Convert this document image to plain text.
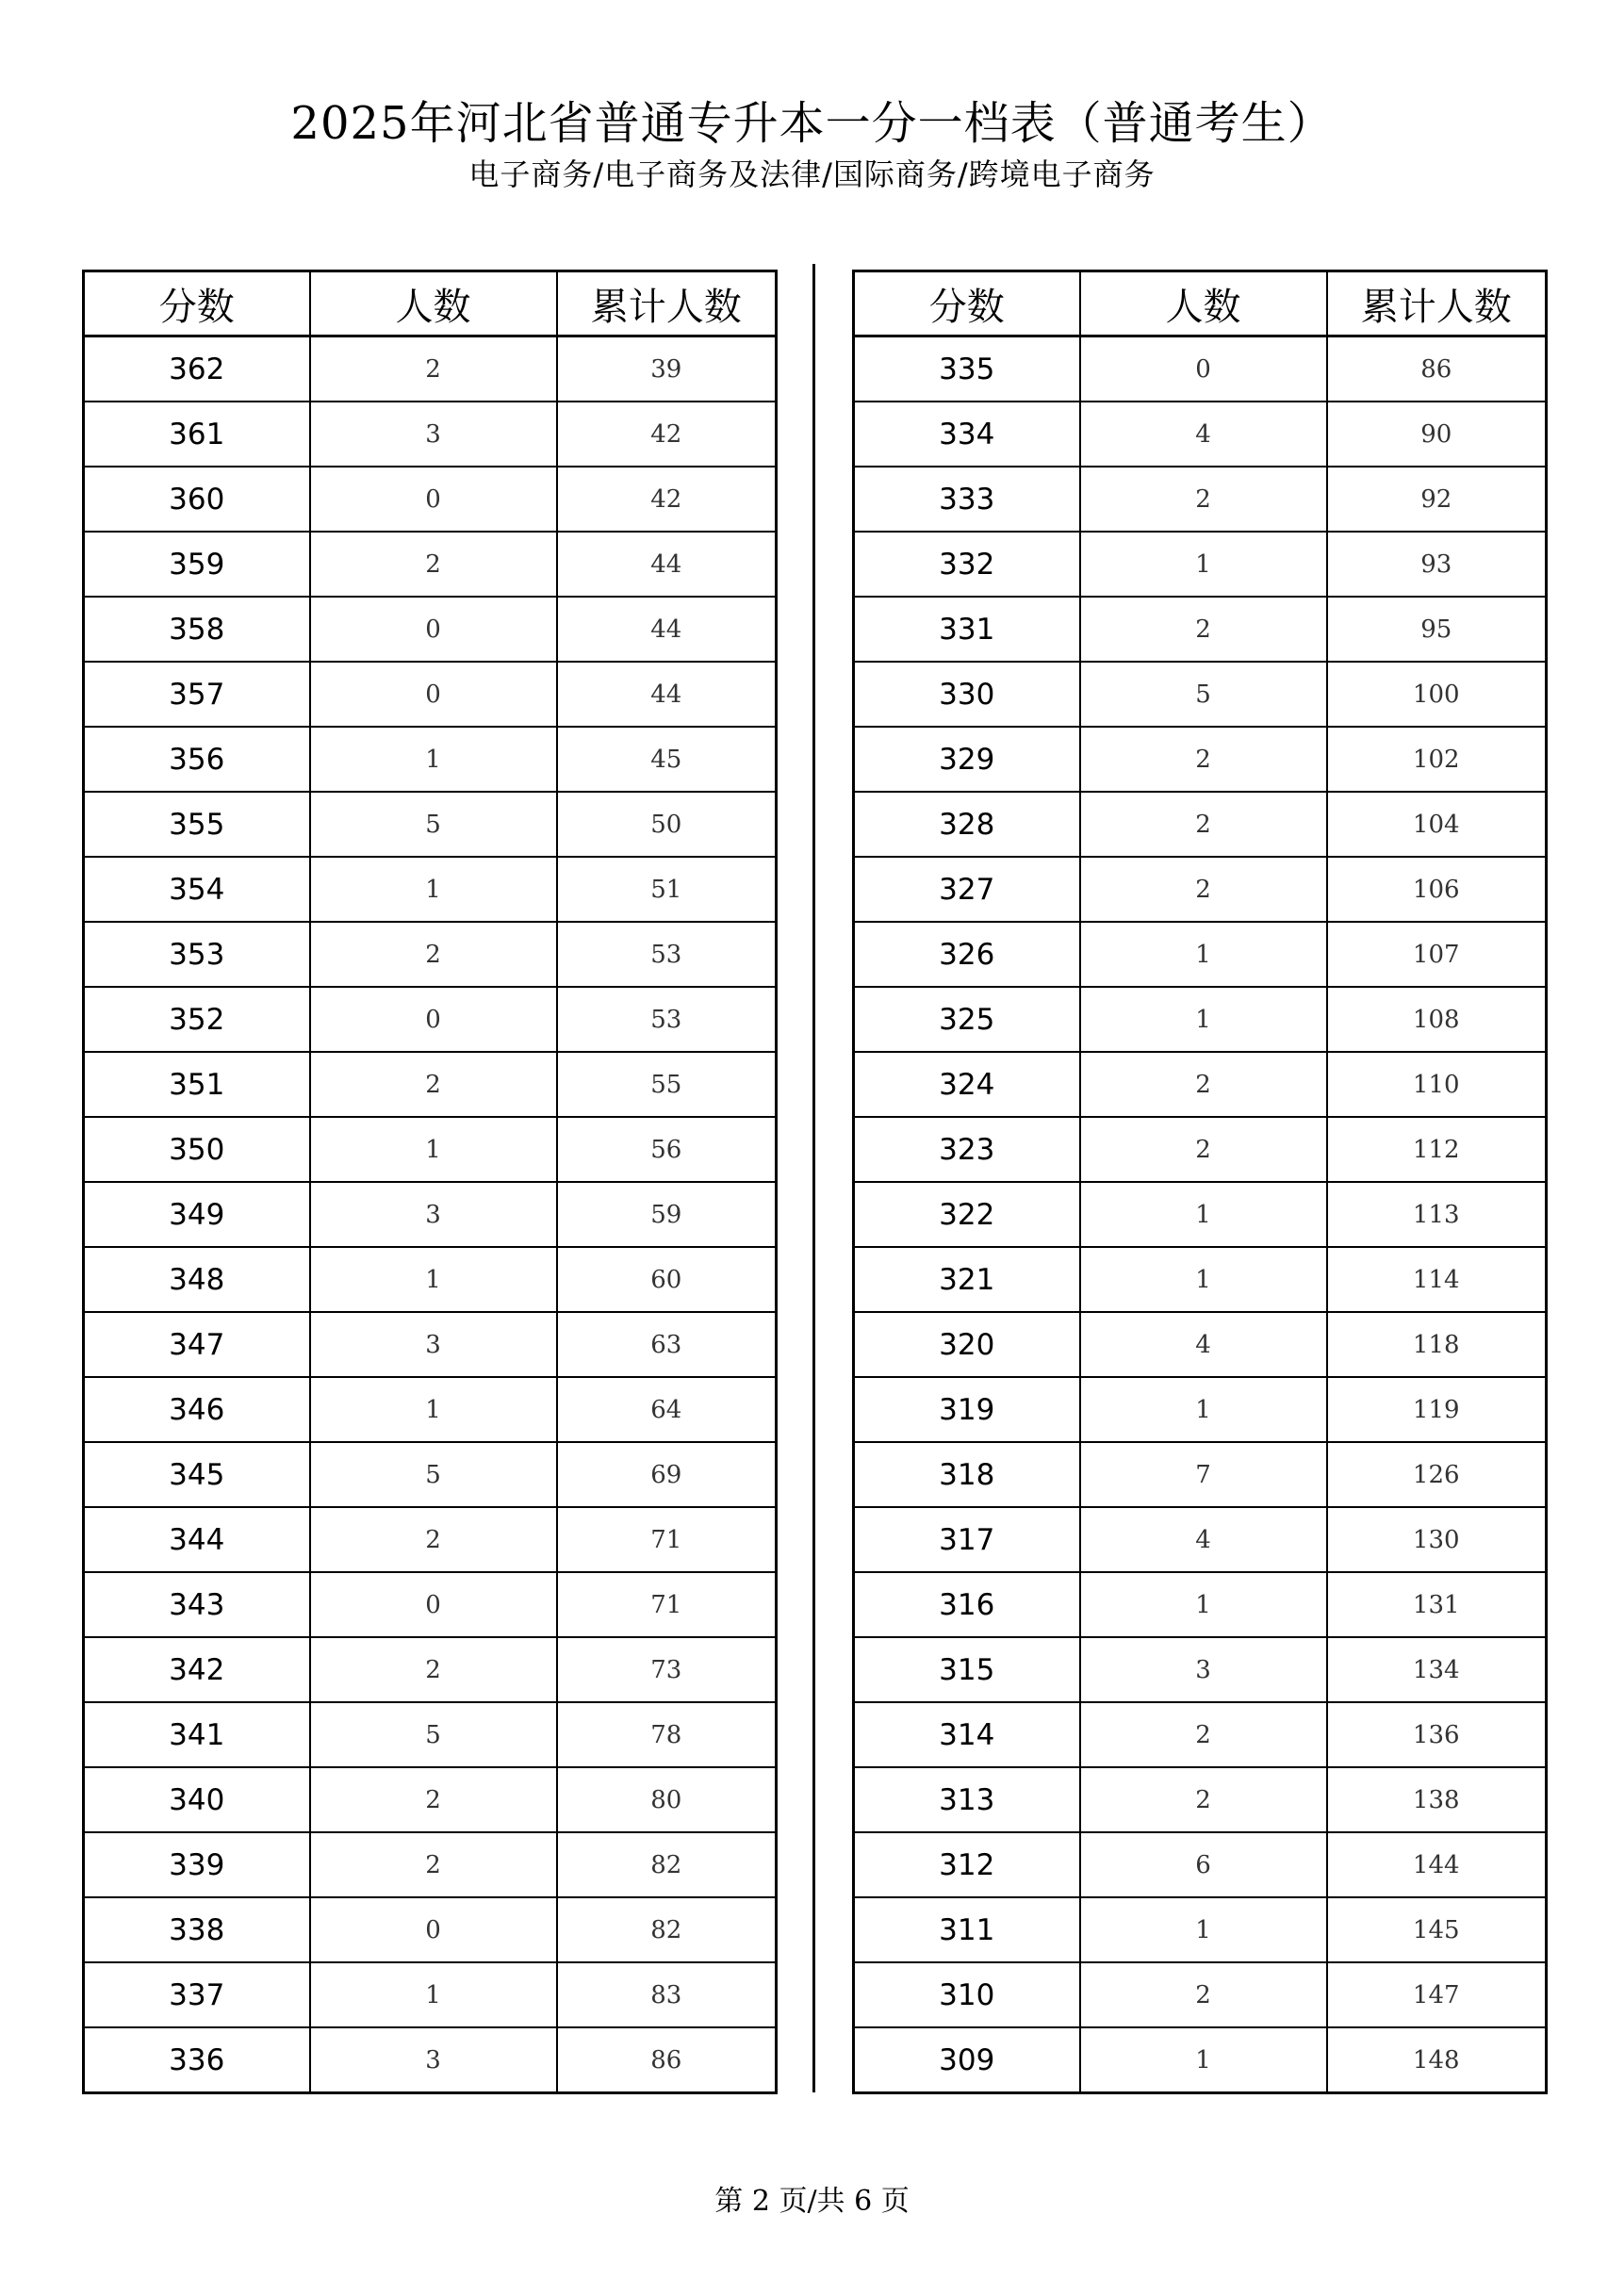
2025年河北省普通专升本一分一档表（普通考生）
电子商务/电子商务及法律/国际商务/跨境电子商务
分数	人数	累计人数
362	2	39
361	3	42
360	0	42
359	2	44
358	0	44
357	0	44
356	1	45
355	5	50
354	1	51
353	2	53
352	0	53
351	2	55
350	1	56
349	3	59
348	1	60
347	3	63
346	1	64
345	5	69
344	2	71
343	0	71
342	2	73
341	5	78
340	2	80
339	2	82
338	0	82
337	1	83
336	3	86
分数	人数	累计人数
335	0	86
334	4	90
333	2	92
332	1	93
331	2	95
330	5	100
329	2	102
328	2	104
327	2	106
326	1	107
325	1	108
324	2	110
323	2	112
322	1	113
321	1	114
320	4	118
319	1	119
318	7	126
317	4	130
316	1	131
315	3	134
314	2	136
313	2	138
312	6	144
311	1	145
310	2	147
309	1	148
第 2 页/共 6 页
